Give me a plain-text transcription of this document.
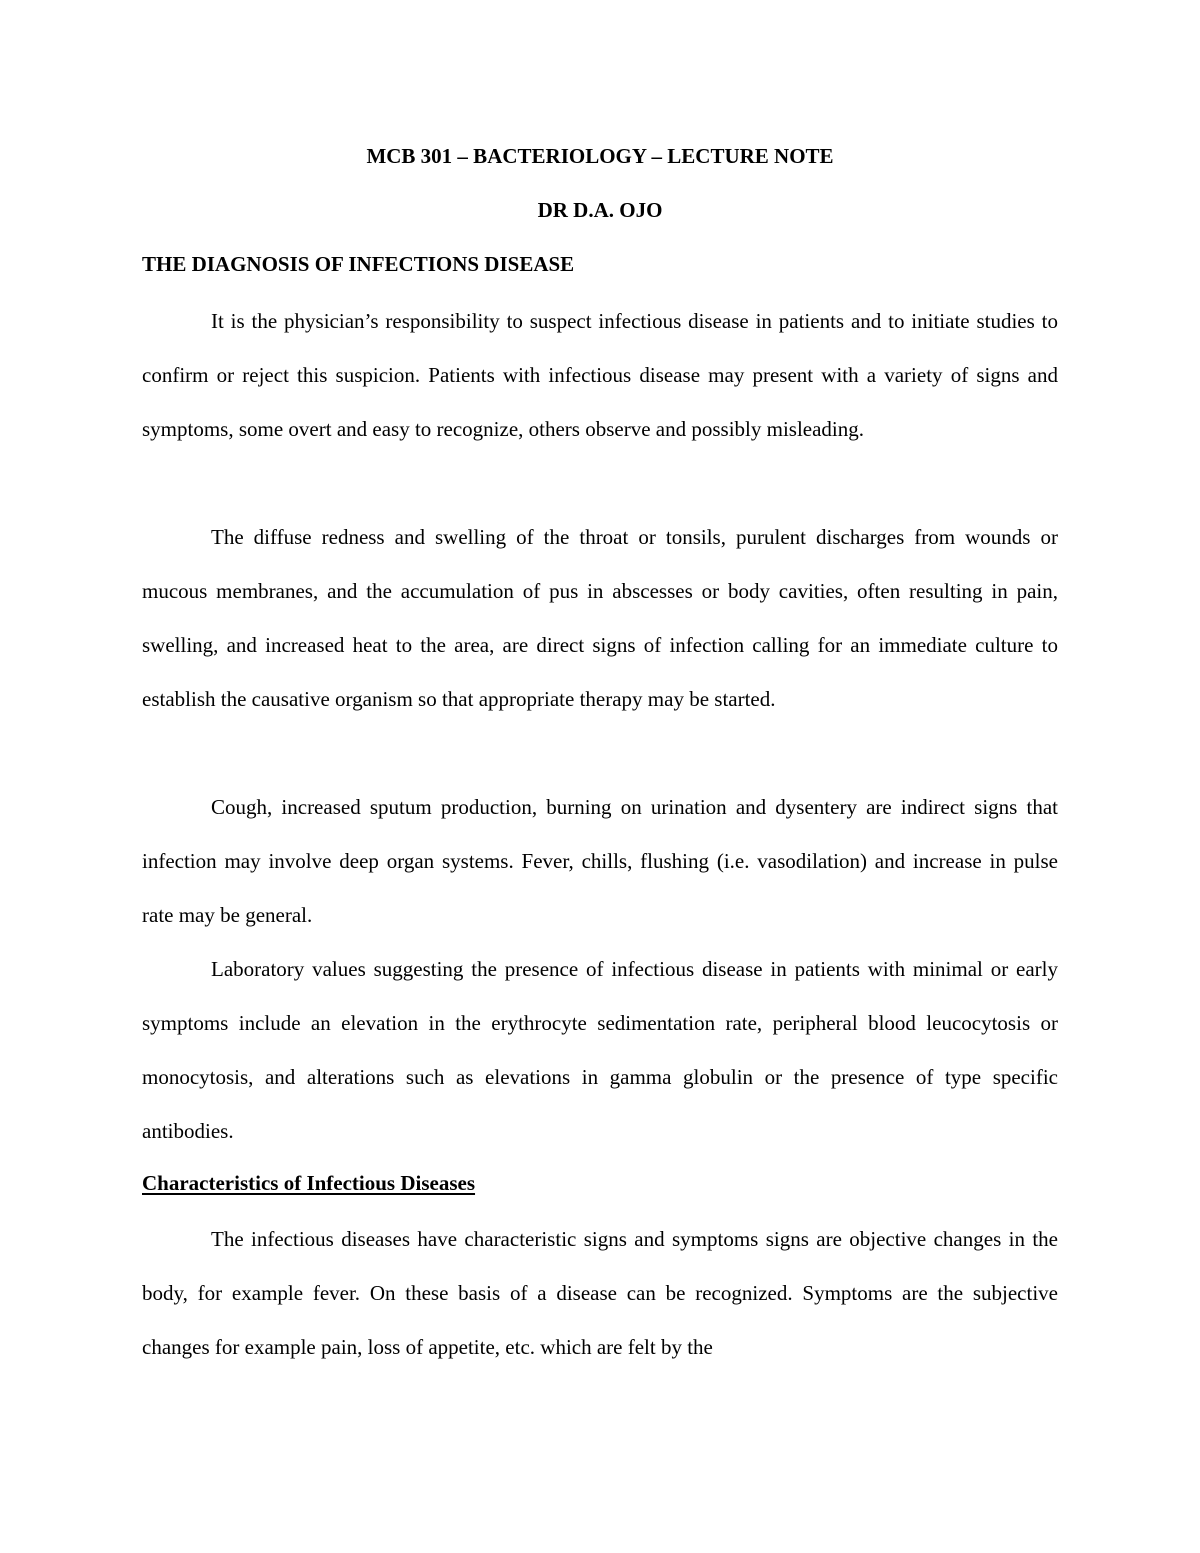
MCB 301 – BACTERIOLOGY – LECTURE NOTE
DR D.A. OJO
THE DIAGNOSIS OF INFECTIONS DISEASE

It is the physician’s responsibility to suspect infectious disease in patients and to initiate studies to confirm or reject this suspicion. Patients with infectious disease may present with a variety of signs and symptoms, some overt and easy to recognize, others observe and possibly misleading.

The diffuse redness and swelling of the throat or tonsils, purulent discharges from wounds or mucous membranes, and the accumulation of pus in abscesses or body cavities, often resulting in pain, swelling, and increased heat to the area, are direct signs of infection calling for an immediate culture to establish the causative organism so that appropriate therapy may be started.

Cough, increased sputum production, burning on urination and dysentery are indirect signs that infection may involve deep organ systems. Fever, chills, flushing (i.e. vasodilation) and increase in pulse rate may be general.

Laboratory values suggesting the presence of infectious disease in patients with minimal or early symptoms include an elevation in the erythrocyte sedimentation rate, peripheral blood leucocytosis or monocytosis, and alterations such as elevations in gamma globulin or the presence of type specific antibodies.

Characteristics of Infectious Diseases

The infectious diseases have characteristic signs and symptoms signs are objective changes in the body, for example fever. On these basis of a disease can be recognized. Symptoms are the subjective changes for example pain, loss of appetite, etc. which are felt by the
